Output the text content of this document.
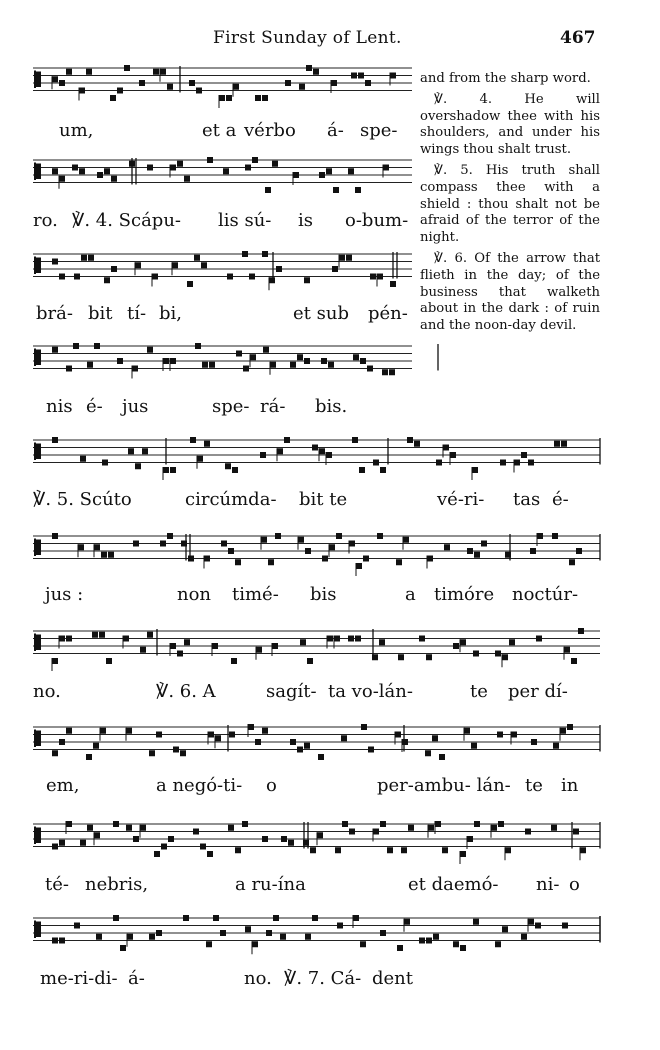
First Sunday of Lent.	467
um,	et a vérbo á- spe-
ro. ℣. 4. Scápu- lis sú- is o-bum-
brá- bit tí- bi,	et sub pén-
nis é- jus	spe- rá- bis.
℣. 5. Scúto	circúmda- bit te	vé-ri- tas é-
jus :	non timé- bis	a timóre noctúr-
no.	℣. 6. A	sagít- ta vo-lán-	te per dí-
em,	a negó-ti- o	per-ambu- lán- te in
té- nebris,	a ru-ína	et daemó- ni- o
me-ri-di- á-	no. ℣. 7. Cá- dent

and from the sharp word.

℣. 4. He will overshadow thee with his shoulders, and under his wings thou shalt trust.

℣. 5. His truth shall compass thee with a shield : thou shalt not be afraid of the terror of the night.

℣. 6. Of the arrow that flieth in the day; of the business that walketh about in the dark : of ruin and the noon-day devil.
